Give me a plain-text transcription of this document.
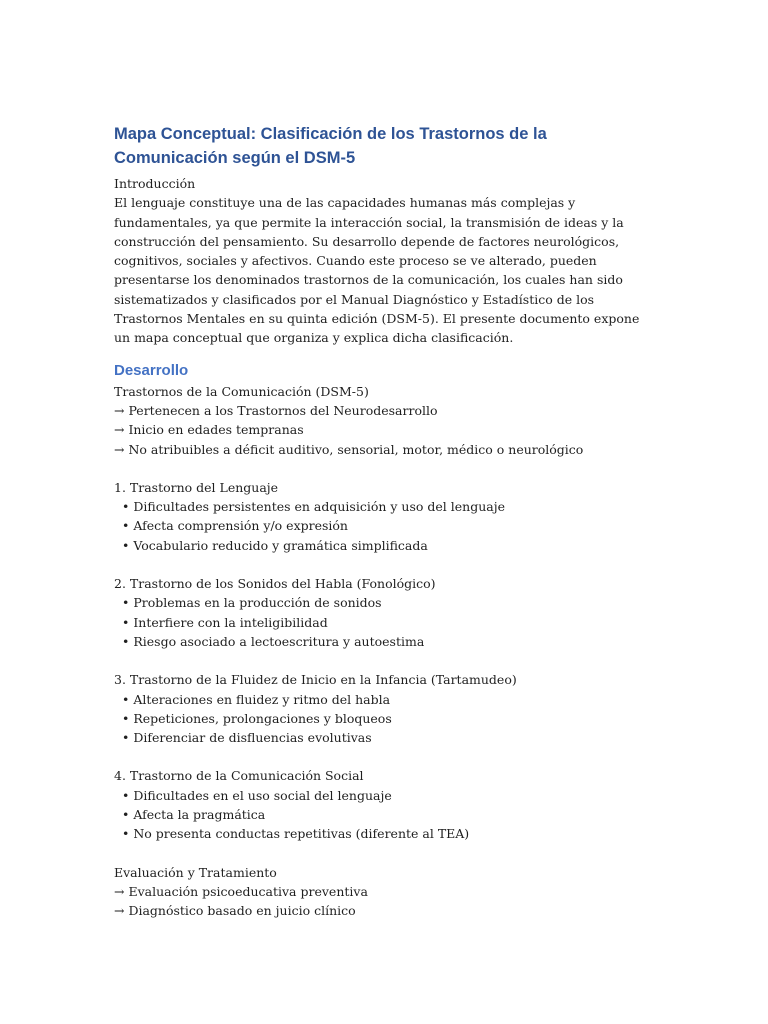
Mapa Conceptual: Clasificación de los Trastornos de la Comunicación según el DSM-5

Introducción

El lenguaje constituye una de las capacidades humanas más complejas y fundamentales, ya que permite la interacción social, la transmisión de ideas y la construcción del pensamiento. Su desarrollo depende de factores neurológicos, cognitivos, sociales y afectivos. Cuando este proceso se ve alterado, pueden presentarse los denominados trastornos de la comunicación, los cuales han sido sistematizados y clasificados por el Manual Diagnóstico y Estadístico de los Trastornos Mentales en su quinta edición (DSM-5). El presente documento expone un mapa conceptual que organiza y explica dicha clasificación.

Desarrollo

Trastornos de la Comunicación (DSM-5)

→ Pertenecen a los Trastornos del Neurodesarrollo

→ Inicio en edades tempranas

→ No atribuibles a déficit auditivo, sensorial, motor, médico o neurológico

1. Trastorno del Lenguaje

• Dificultades persistentes en adquisición y uso del lenguaje

• Afecta comprensión y/o expresión

• Vocabulario reducido y gramática simplificada

2. Trastorno de los Sonidos del Habla (Fonológico)

• Problemas en la producción de sonidos

• Interfiere con la inteligibilidad

• Riesgo asociado a lectoescritura y autoestima

3. Trastorno de la Fluidez de Inicio en la Infancia (Tartamudeo)

• Alteraciones en fluidez y ritmo del habla

• Repeticiones, prolongaciones y bloqueos

• Diferenciar de disfluencias evolutivas

4. Trastorno de la Comunicación Social

• Dificultades en el uso social del lenguaje

• Afecta la pragmática

• No presenta conductas repetitivas (diferente al TEA)

Evaluación y Tratamiento

→ Evaluación psicoeducativa preventiva

→ Diagnóstico basado en juicio clínico
